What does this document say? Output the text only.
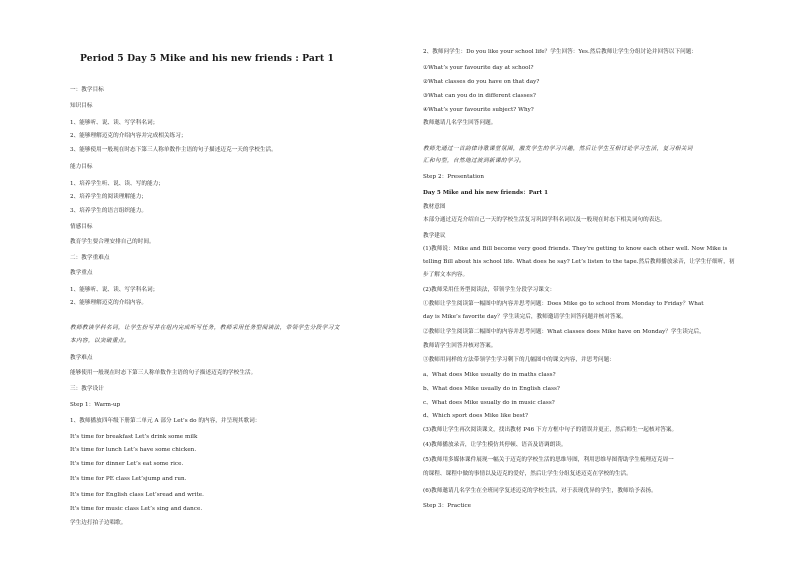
Period 5 Day 5 Mike and his new friends : Part 1
一：教学目标
知识目标
1、能够听、说、读、写学科名词；
2、能够理解迈克的介绍内容并完成相关练习；
3、能够使用一般现在时态下第三人称单数作主语的句子描述迈克一天的学校生活。
能力目标
1、培养学生听、说、读、写的能力；
2、培养学生的阅读理解能力；
3、培养学生的语言组织能力。
情感目标
教育学生要合理安排自己的时间。
二：教学重难点
教学重点
1、能够听、说、读、写学科名词；
2、能够理解迈克的介绍内容。
教师教读学科名词，让学生扮写并在组内完成听写任务，教师采用任务型阅读法，带领学生分段学习文
本内容，以突破重点。
教学难点
能够使用一般现在时态下第三人称单数作主语的句子描述迈克的学校生活。
三：教学设计
Step 1：Warm-up
1、教师播放四年级下册第二单元 A 部分 Let’s do 的内容，并呈现其歌词：
It’s time for breakfast Let’s drink some milk
It’s time for lunch Let’s have some chicken.
It’s time for dinner Let’s eat some rice.
It’s time for PE class Let’sjump and run.
It’s time for English class Let’sread and write.
It’s time for music class Let’s sing and dance.
学生边打拍子边唱歌。
2、教师问学生：Do you like your school life？学生回答：Yes.然后教师让学生分组讨论并回答以下问题：
①What’s your favourite day at school?
②What classes do you have on that day?
③What can you do in different classes?
④What’s your favourite subject? Why?
教师邀请几名学生回答问题。
教师先通过一首韵律诗歌课堂氛围，激发学生的学习兴趣，然后让学生互相讨论学习生活，复习相关词
汇和句型，自然地过渡到新课的学习。
Step 2：Presentation
Day 5 Mike and his new friends：Part 1
教材意图
本部分通过迈克介绍自己一天的学校生活复习巩固学科名词以及一般现在时态下相关词句的表达。
教学建议
(1)教师说：Mike and Bill become very good friends. They’re getting to know each other well. Now Mike is
telling Bill about his school life. What does he say? Let’s listen to the tape.然后教师播放录音，让学生仔细听，初
步了解文本内容。
(2)教师采用任务型阅读法，带领学生分段学习课文：
①教师让学生阅读第一幅图中的内容并思考问题：Does Mike go to school from Monday to Friday？What
day is Mike’s favorite day？学生读完后，教师邀请学生回答问题并核对答案。
②教师让学生阅读第二幅图中的内容并思考问题：What classes does Mike have on Monday？学生读完后，
教师请学生回答并核对答案。
③教师用同样的方法带领学生学习剩下的几幅图中的课文内容，并思考问题：
a、What does Mike usually do in maths class?
b、What does Mike usually do in English class?
c、What does Mike usually do in music class?
d、Which sport does Mike like best?
(3)教师让学生再次阅读课文，找出教材 P46 下方方框中句子的错误并更正，然后师生一起核对答案。
(4)教师播放录音，让学生模仿其停顿、语音及语调朗读。
(5)教师用多媒体课件展现一幅关于迈克的学校生活的思维导图，利用思维导图帮助学生梳理迈克周一
的课程、课程中做的事情以及迈克的爱好，然后让学生分组复述迈克在学校的生活。
(6)教师邀请几名学生在全班同学复述迈克的学校生活，对于表现优异的学生，教师给予表扬。
Step 3：Practice
